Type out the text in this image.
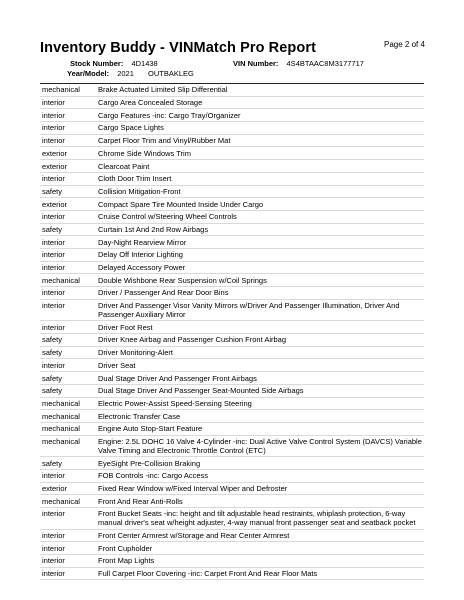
Page 2 of 4
Inventory Buddy - VINMatch Pro Report
Stock Number: 4D1438	VIN Number: 4S4BTAAC8M3177717
Year/Model: 2021 OUTBAKLEG
mechanical	Brake Actuated Limited Slip Differential
interior	Cargo Area Concealed Storage
interior	Cargo Features -inc: Cargo Tray/Organizer
interior	Cargo Space Lights
interior	Carpet Floor Trim and Vinyl/Rubber Mat
exterior	Chrome Side Windows Trim
exterior	Clearcoat Paint
interior	Cloth Door Trim Insert
safety	Collision Mitigation-Front
exterior	Compact Spare Tire Mounted Inside Under Cargo
interior	Cruise Control w/Steering Wheel Controls
safety	Curtain 1st And 2nd Row Airbags
interior	Day-Night Rearview Mirror
interior	Delay Off Interior Lighting
interior	Delayed Accessory Power
mechanical	Double Wishbone Rear Suspension w/Coil Springs
interior	Driver / Passenger And Rear Door Bins
interior	Driver And Passenger Visor Vanity Mirrors w/Driver And Passenger Illumination, Driver And Passenger Auxiliary Mirror
interior	Driver Foot Rest
safety	Driver Knee Airbag and Passenger Cushion Front Airbag
safety	Driver Monitoring-Alert
interior	Driver Seat
safety	Dual Stage Driver And Passenger Front Airbags
safety	Dual Stage Driver And Passenger Seat-Mounted Side Airbags
mechanical	Electric Power-Assist Speed-Sensing Steering
mechanical	Electronic Transfer Case
mechanical	Engine Auto Stop-Start Feature
mechanical	Engine: 2.5L DOHC 16 Valve 4-Cylinder -inc: Dual Active Valve Control System (DAVCS) Variable Valve Timing and Electronic Throttle Control (ETC)
safety	EyeSight Pre-Collision Braking
interior	FOB Controls -inc: Cargo Access
exterior	Fixed Rear Window w/Fixed Interval Wiper and Defroster
mechanical	Front And Rear Anti-Rolls
interior	Front Bucket Seats -inc: height and tilt adjustable head restraints, whiplash protection, 6-way manual driver's seat w/height adjuster, 4-way manual front passenger seat and seatback pocket
interior	Front Center Armrest w/Storage and Rear Center Armrest
interior	Front Cupholder
interior	Front Map Lights
interior	Full Carpet Floor Covering -inc: Carpet Front And Rear Floor Mats
